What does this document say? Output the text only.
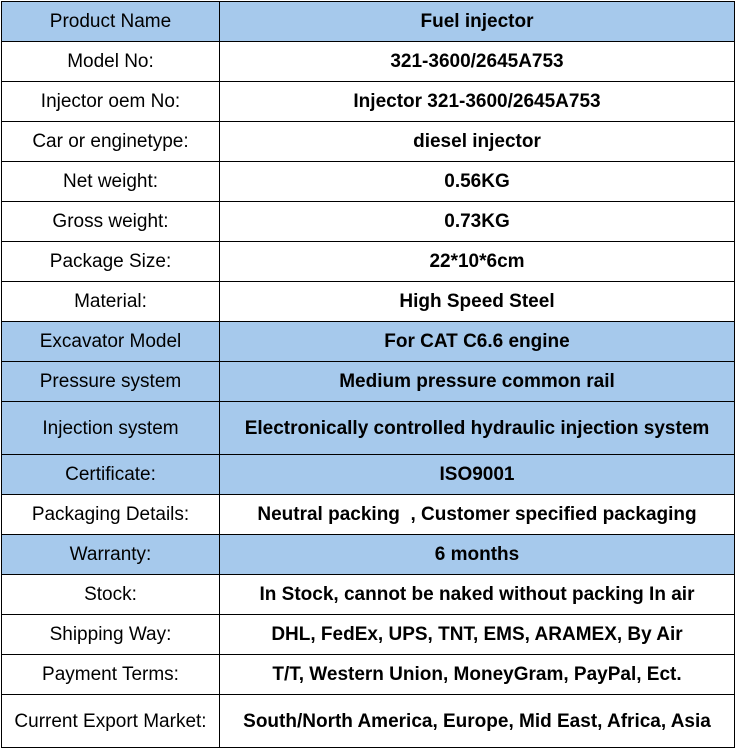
Product Name	Fuel injector
Model No:	321-3600/2645A753
Injector oem No:	Injector 321-3600/2645A753
Car or enginetype:	diesel injector
Net weight:	0.56KG
Gross weight:	0.73KG
Package Size:	22*10*6cm
Material:	High Speed Steel
Excavator Model	For CAT C6.6 engine
Pressure system	Medium pressure common rail
Injection system	Electronically controlled hydraulic injection system
Certificate:	ISO9001
Packaging Details:	Neutral packing  , Customer specified packaging
Warranty:	6 months
Stock:	In Stock, cannot be naked without packing In air
Shipping Way:	DHL, FedEx, UPS, TNT, EMS, ARAMEX, By Air
Payment Terms:	T/T, Western Union, MoneyGram, PayPal, Ect.
Current Export Market:	South/North America, Europe, Mid East, Africa, Asia
